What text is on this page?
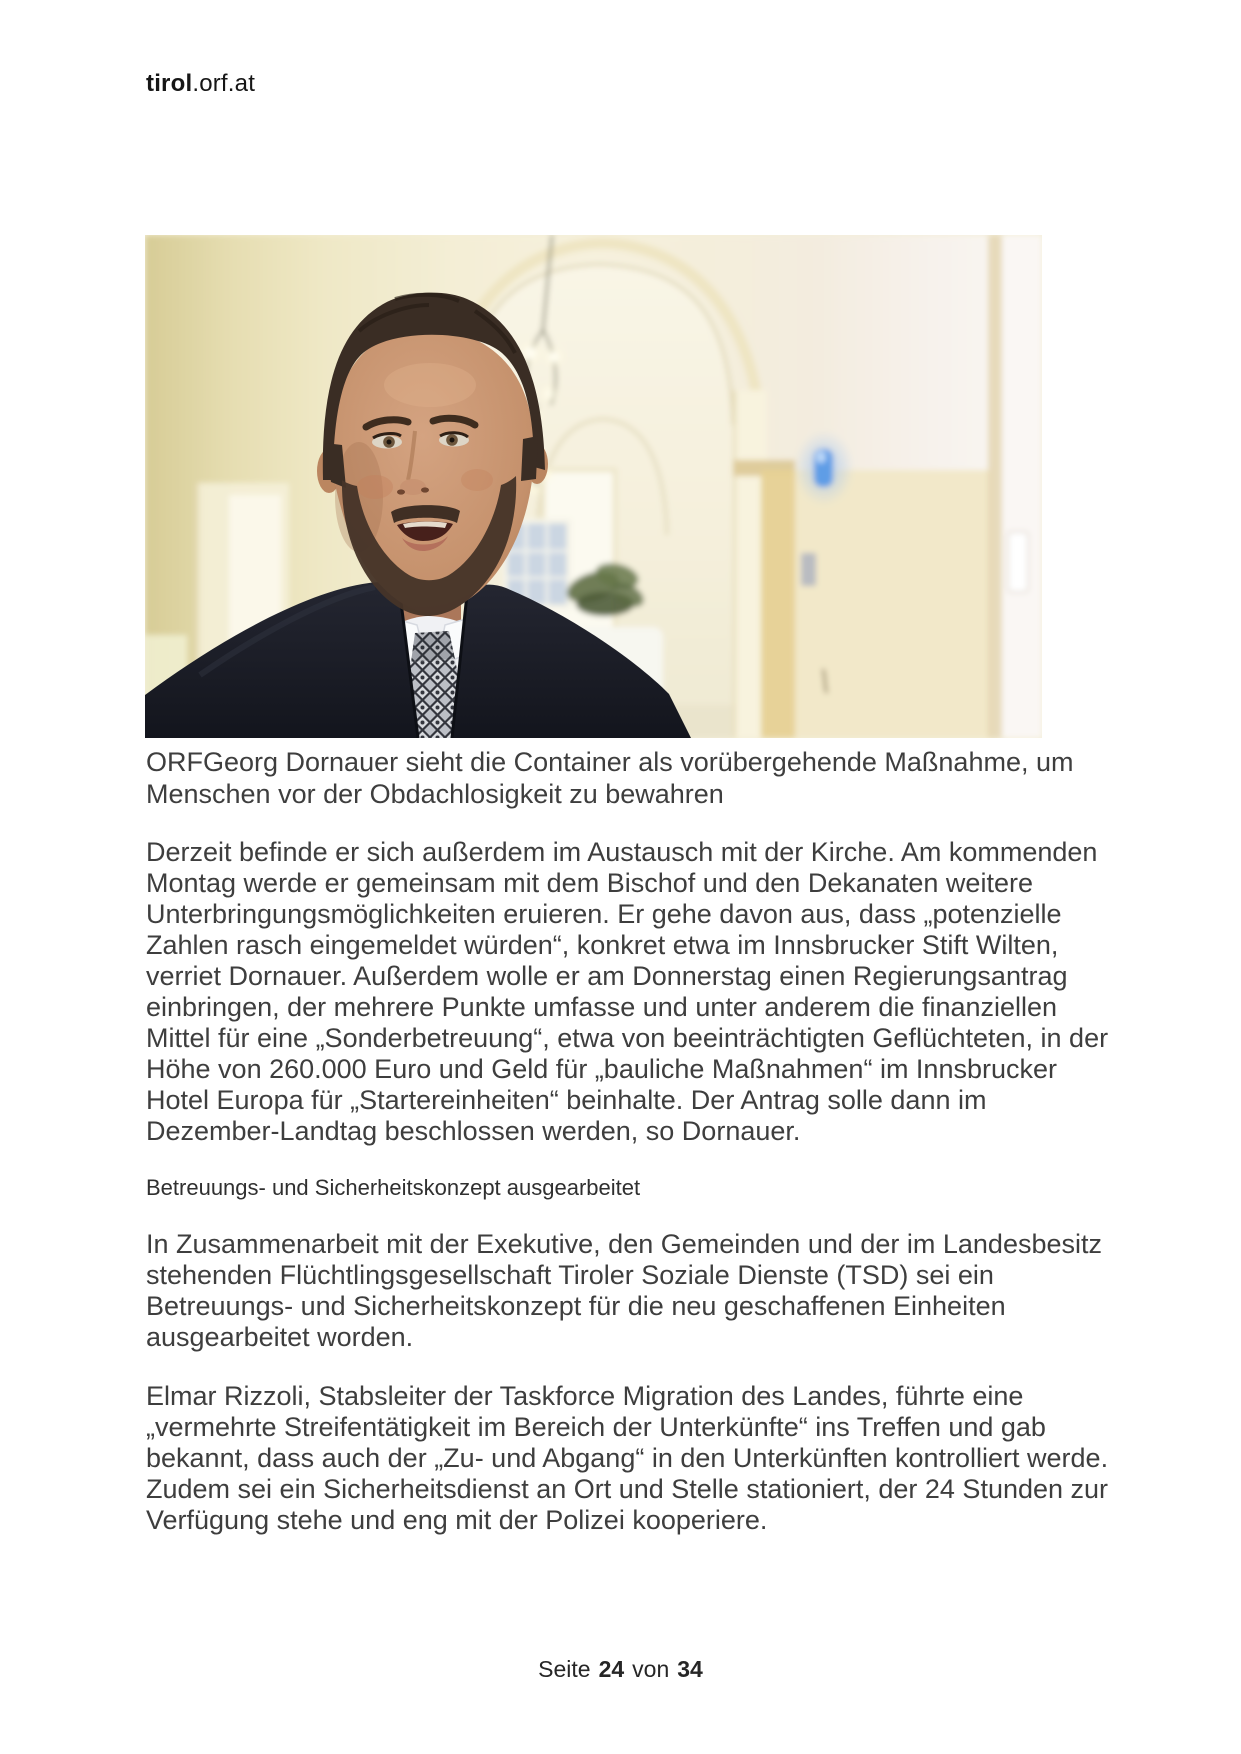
tirol.orf.at

ORFGeorg Dornauer sieht die Container als vorübergehende Maßnahme, um Menschen vor der Obdachlosigkeit zu bewahren

Derzeit befinde er sich außerdem im Austausch mit der Kirche. Am kommenden Montag werde er gemeinsam mit dem Bischof und den Dekanaten weitere Unterbringungsmöglichkeiten eruieren. Er gehe davon aus, dass „potenzielle Zahlen rasch eingemeldet würden“, konkret etwa im Innsbrucker Stift Wilten, verriet Dornauer. Außerdem wolle er am Donnerstag einen Regierungsantrag einbringen, der mehrere Punkte umfasse und unter anderem die finanziellen Mittel für eine „Sonderbetreuung“, etwa von beeinträchtigten Geflüchteten, in der Höhe von 260.000 Euro und Geld für „bauliche Maßnahmen“ im Innsbrucker Hotel Europa für „Startereinheiten“ beinhalte. Der Antrag solle dann im Dezember-Landtag beschlossen werden, so Dornauer.

Betreuungs- und Sicherheitskonzept ausgearbeitet

In Zusammenarbeit mit der Exekutive, den Gemeinden und der im Landesbesitz stehenden Flüchtlingsgesellschaft Tiroler Soziale Dienste (TSD) sei ein Betreuungs- und Sicherheitskonzept für die neu geschaffenen Einheiten ausgearbeitet worden.

Elmar Rizzoli, Stabsleiter der Taskforce Migration des Landes, führte eine „vermehrte Streifentätigkeit im Bereich der Unterkünfte“ ins Treffen und gab bekannt, dass auch der „Zu- und Abgang“ in den Unterkünften kontrolliert werde. Zudem sei ein Sicherheitsdienst an Ort und Stelle stationiert, der 24 Stunden zur Verfügung stehe und eng mit der Polizei kooperiere.

Seite 24 von 34
